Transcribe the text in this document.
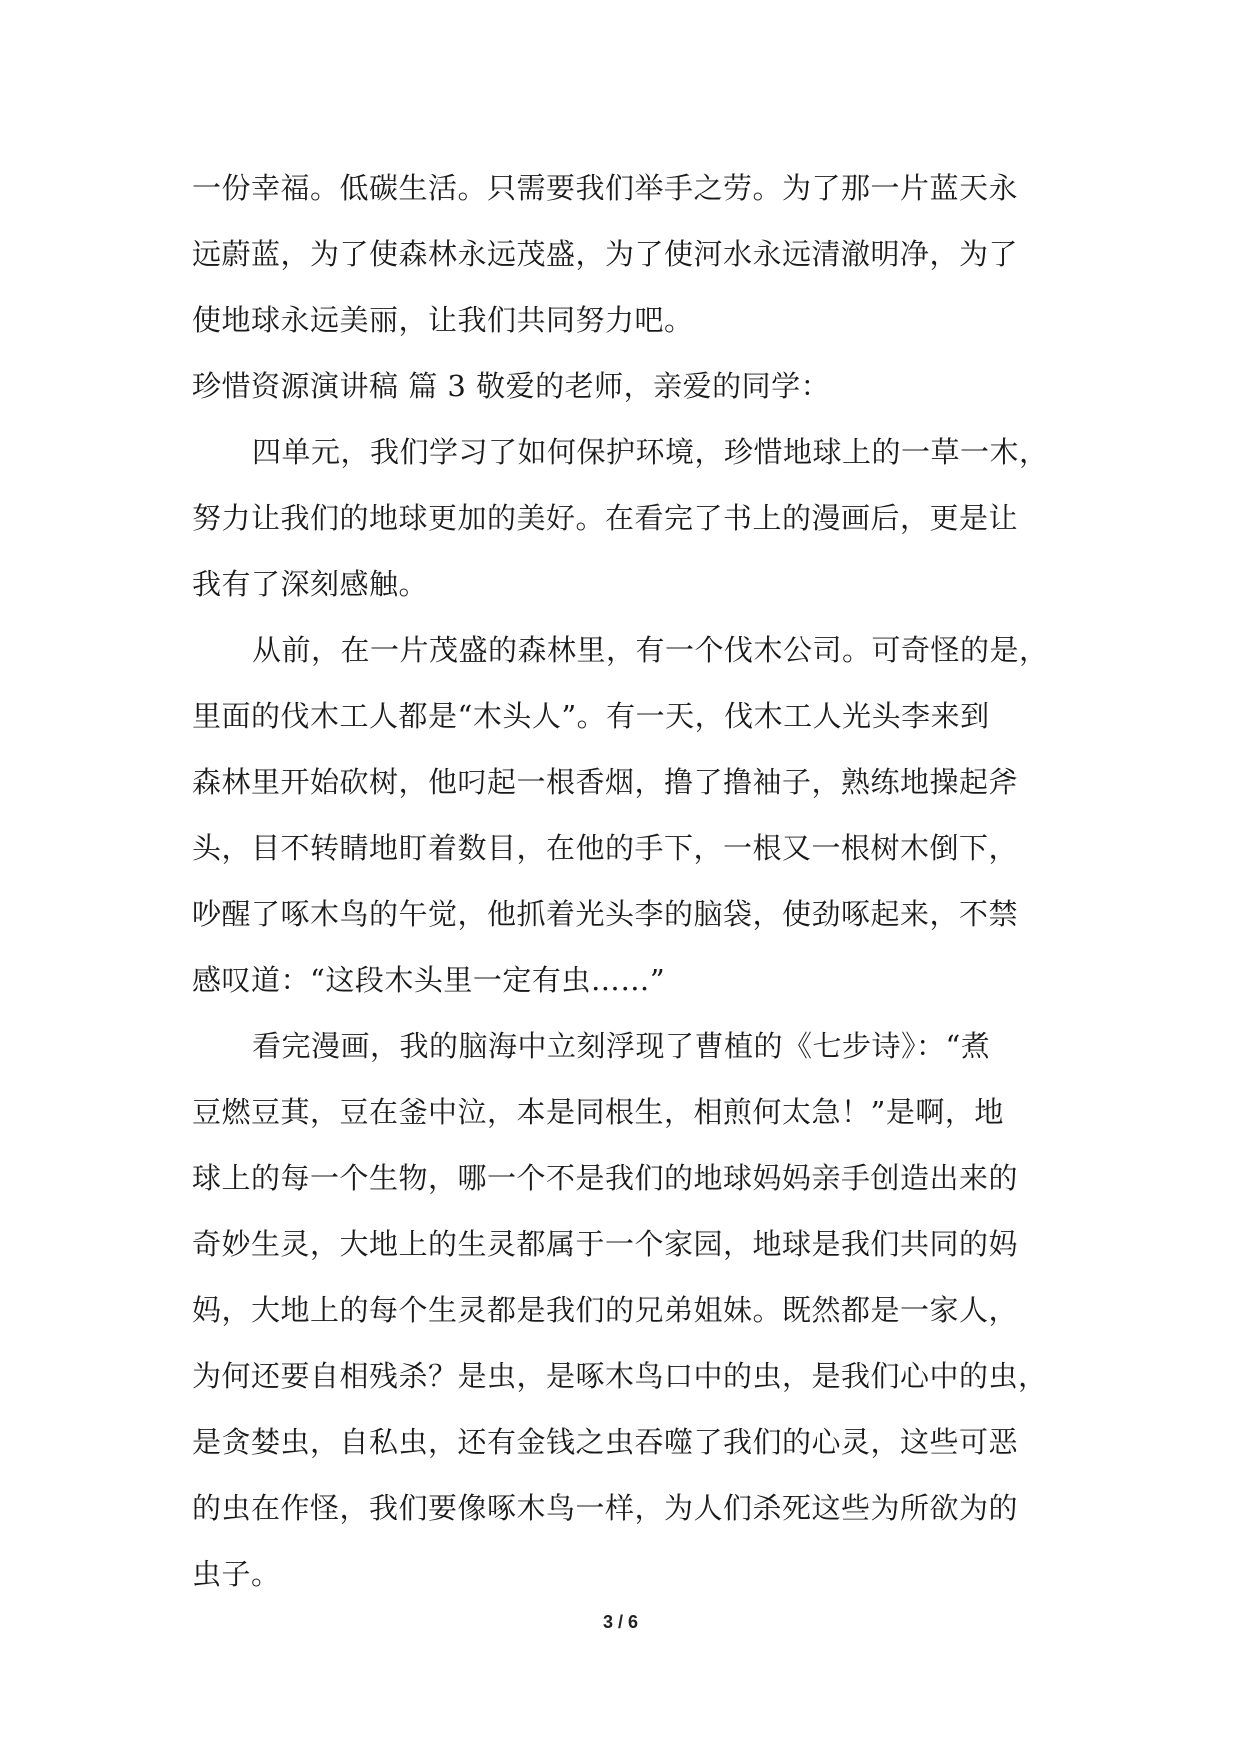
一份幸福。低碳生活。只需要我们举手之劳。为了那一片蓝天永
远蔚蓝，为了使森林永远茂盛，为了使河水永远清澈明净，为了
使地球永远美丽，让我们共同努力吧。
珍惜资源演讲稿 篇 3 敬爱的老师，亲爱的同学：
四单元，我们学习了如何保护环境，珍惜地球上的一草一木，
努力让我们的地球更加的美好。在看完了书上的漫画后，更是让
我有了深刻感触。
从前，在一片茂盛的森林里，有一个伐木公司。可奇怪的是，
里面的伐木工人都是“木头人”。有一天，伐木工人光头李来到
森林里开始砍树，他叼起一根香烟，撸了撸袖子，熟练地操起斧
头，目不转睛地盯着数目，在他的手下，一根又一根树木倒下，
吵醒了啄木鸟的午觉，他抓着光头李的脑袋，使劲啄起来，不禁
感叹道：“这段木头里一定有虫……”
看完漫画，我的脑海中立刻浮现了曹植的《七步诗》：“煮
豆燃豆萁，豆在釜中泣，本是同根生，相煎何太急！”是啊，地
球上的每一个生物，哪一个不是我们的地球妈妈亲手创造出来的
奇妙生灵，大地上的生灵都属于一个家园，地球是我们共同的妈
妈，大地上的每个生灵都是我们的兄弟姐妹。既然都是一家人，
为何还要自相残杀？是虫，是啄木鸟口中的虫，是我们心中的虫，
是贪婪虫，自私虫，还有金钱之虫吞噬了我们的心灵，这些可恶
的虫在作怪，我们要像啄木鸟一样，为人们杀死这些为所欲为的
虫子。
3 / 6
